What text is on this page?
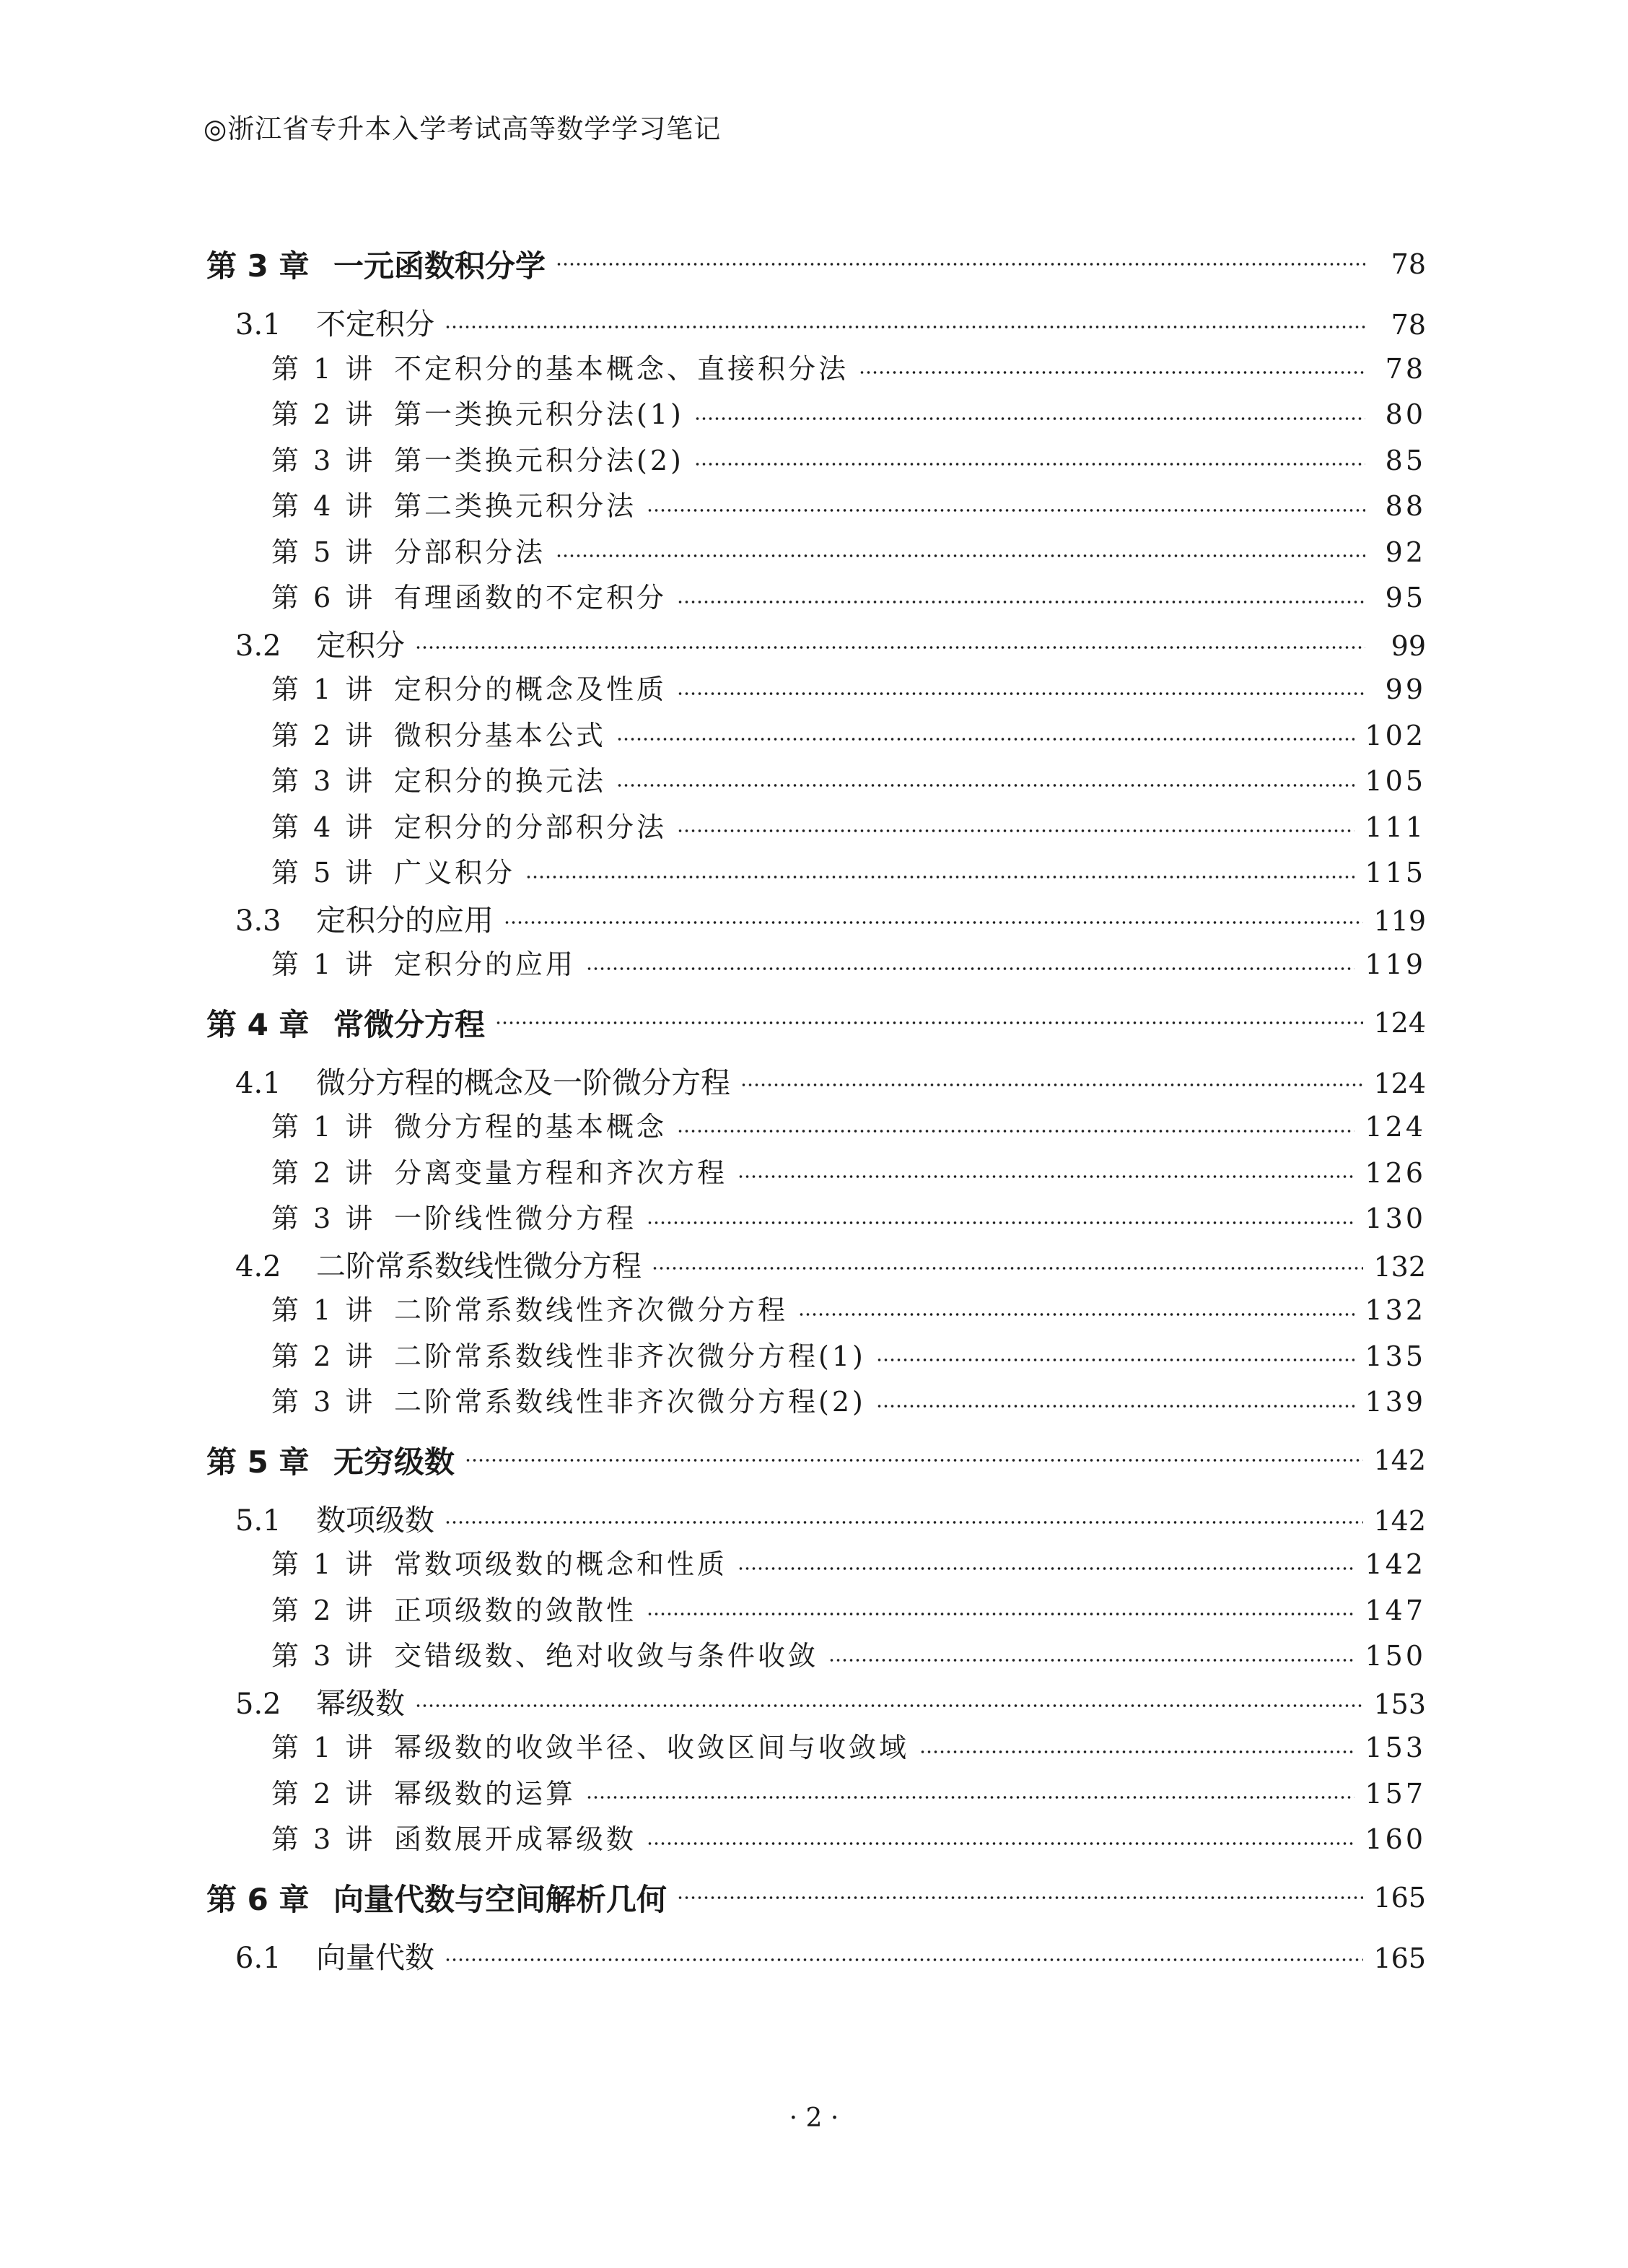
◎浙江省专升本入学考试高等数学学习笔记
第 3 章 一元函数积分学	78
3.1	不定积分	78
第 1 讲 不定积分的基本概念、直接积分法	78
第 2 讲 第一类换元积分法(1)	80
第 3 讲 第一类换元积分法(2)	85
第 4 讲 第二类换元积分法	88
第 5 讲 分部积分法	92
第 6 讲 有理函数的不定积分	95
3.2	定积分	99
第 1 讲 定积分的概念及性质	99
第 2 讲 微积分基本公式	102
第 3 讲 定积分的换元法	105
第 4 讲 定积分的分部积分法	111
第 5 讲 广义积分	115
3.3	定积分的应用	119
第 1 讲 定积分的应用	119
第 4 章 常微分方程	124
4.1	微分方程的概念及一阶微分方程	124
第 1 讲 微分方程的基本概念	124
第 2 讲 分离变量方程和齐次方程	126
第 3 讲 一阶线性微分方程	130
4.2	二阶常系数线性微分方程	132
第 1 讲 二阶常系数线性齐次微分方程	132
第 2 讲 二阶常系数线性非齐次微分方程(1)	135
第 3 讲 二阶常系数线性非齐次微分方程(2)	139
第 5 章 无穷级数	142
5.1	数项级数	142
第 1 讲 常数项级数的概念和性质	142
第 2 讲 正项级数的敛散性	147
第 3 讲 交错级数、绝对收敛与条件收敛	150
5.2	幂级数	153
第 1 讲 幂级数的收敛半径、收敛区间与收敛域	153
第 2 讲 幂级数的运算	157
第 3 讲 函数展开成幂级数	160
第 6 章 向量代数与空间解析几何	165
6.1	向量代数	165
· 2 ·
